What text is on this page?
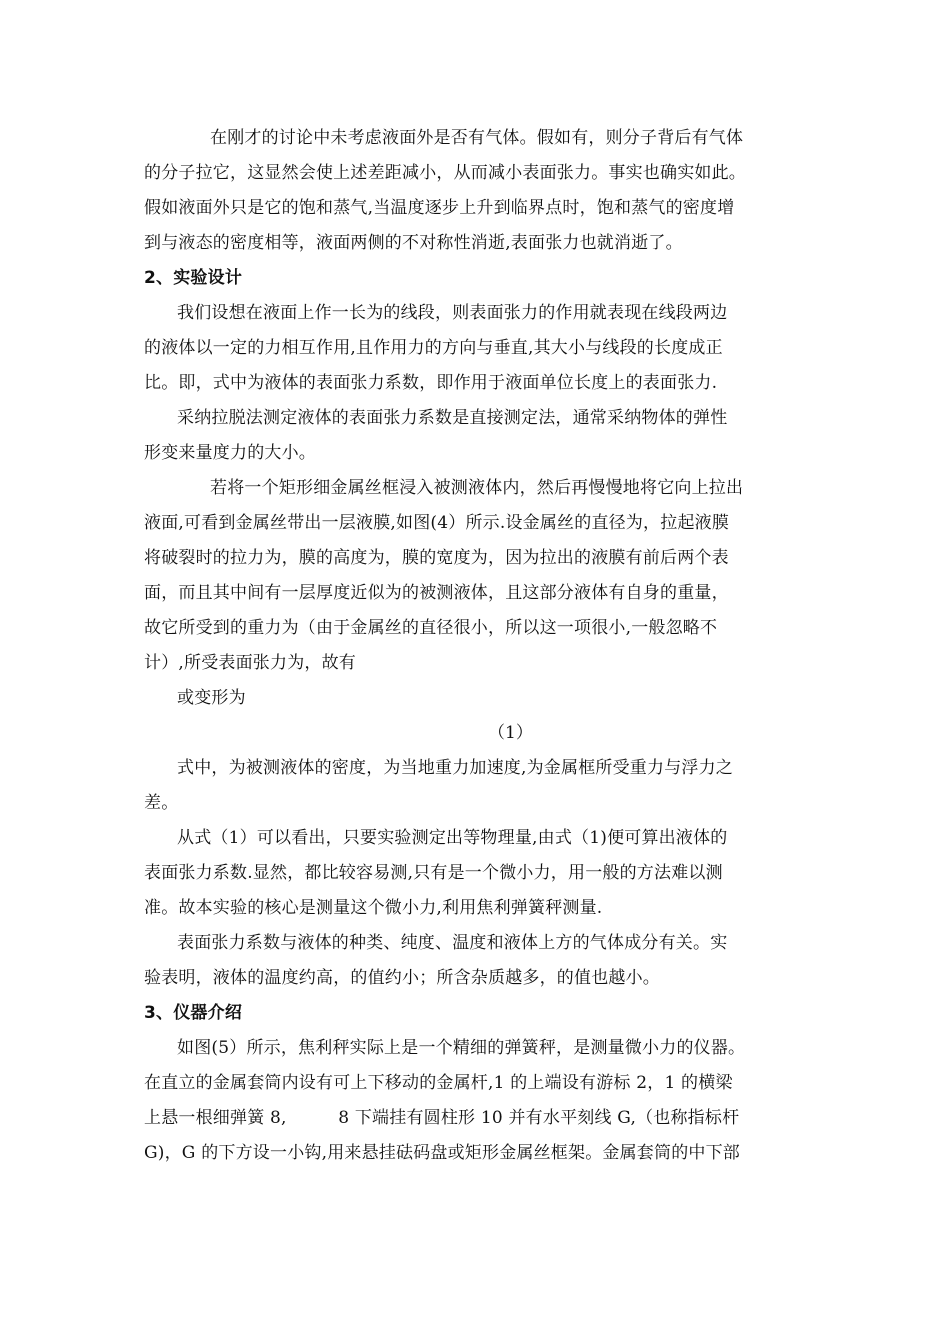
在刚才的讨论中未考虑液面外是否有气体。假如有，则分子背后有气体
的分子拉它，这显然会使上述差距减小，从而减小表面张力。事实也确实如此。
假如液面外只是它的饱和蒸气,当温度逐步上升到临界点时，饱和蒸气的密度增
到与液态的密度相等，液面两侧的不对称性消逝,表面张力也就消逝了。
2、实验设计
我们设想在液面上作一长为的线段，则表面张力的作用就表现在线段两边
的液体以一定的力相互作用,且作用力的方向与垂直,其大小与线段的长度成正
比。即，式中为液体的表面张力系数，即作用于液面单位长度上的表面张力.
采纳拉脱法测定液体的表面张力系数是直接测定法，通常采纳物体的弹性
形变来量度力的大小。
若将一个矩形细金属丝框浸入被测液体内，然后再慢慢地将它向上拉出
液面,可看到金属丝带出一层液膜,如图(4）所示.设金属丝的直径为，拉起液膜
将破裂时的拉力为，膜的高度为，膜的宽度为，因为拉出的液膜有前后两个表
面，而且其中间有一层厚度近似为的被测液体，且这部分液体有自身的重量，
故它所受到的重力为（由于金属丝的直径很小，所以这一项很小,一般忽略不
计）,所受表面张力为，故有
或变形为
（1）
式中，为被测液体的密度，为当地重力加速度,为金属框所受重力与浮力之
差。
从式（1）可以看出，只要实验测定出等物理量,由式（1)便可算出液体的
表面张力系数.显然，都比较容易测,只有是一个微小力，用一般的方法难以测
准。故本实验的核心是测量这个微小力,利用焦利弹簧秤测量.
表面张力系数与液体的种类、纯度、温度和液体上方的气体成分有关。实
验表明，液体的温度约高，的值约小；所含杂质越多，的值也越小。
3、仪器介绍
如图(5）所示，焦利秤实际上是一个精细的弹簧秤，是测量微小力的仪器。
在直立的金属套筒内设有可上下移动的金属杆,1 的上端设有游标 2，1 的横梁
上悬一根细弹簧 8,　　　8 下端挂有圆柱形 10 并有水平刻线 G,（也称指标杆
G)，G 的下方设一小钩,用来悬挂砝码盘或矩形金属丝框架。金属套筒的中下部
